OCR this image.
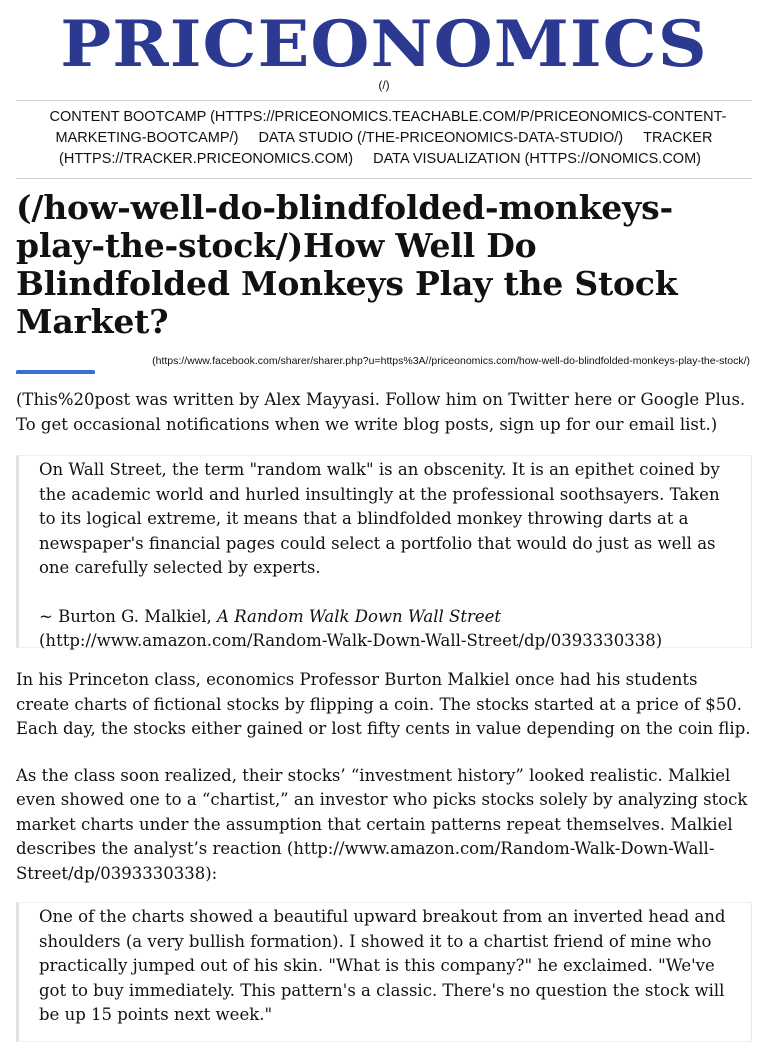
PRICEONOMICS
(/)
CONTENT BOOTCAMP (HTTPS://PRICEONOMICS.TEACHABLE.COM/P/PRICEONOMICS-CONTENT-MARKETING-BOOTCAMP/) DATA STUDIO (/THE-PRICEONOMICS-DATA-STUDIO/) TRACKER (HTTPS://TRACKER.PRICEONOMICS.COM) DATA VISUALIZATION (HTTPS://ONOMICS.COM)
(/how-well-do-blindfolded-monkeys-play-the-stock/)How Well Do Blindfolded Monkeys Play the Stock Market?
(https://www.facebook.com/sharer/sharer.php?u=https%3A//priceonomics.com/how-well-do-blindfolded-monkeys-play-the-stock/)

(This%20post was written by Alex Mayyasi. Follow him on Twitter here or Google Plus. To get occasional notifications when we write blog posts, sign up for our email list.)

On Wall Street, the term "random walk" is an obscenity. It is an epithet coined by the academic world and hurled insultingly at the professional soothsayers. Taken to its logical extreme, it means that a blindfolded monkey throwing darts at a newspaper's financial pages could select a portfolio that would do just as well as one carefully selected by experts.

~ Burton G. Malkiel, A Random Walk Down Wall Street (http://www.amazon.com/Random-Walk-Down-Wall-Street/dp/0393330338)

In his Princeton class, economics Professor Burton Malkiel once had his students create charts of fictional stocks by flipping a coin. The stocks started at a price of $50. Each day, the stocks either gained or lost fifty cents in value depending on the coin flip.

As the class soon realized, their stocks’ “investment history” looked realistic. Malkiel even showed one to a “chartist,” an investor who picks stocks solely by analyzing stock market charts under the assumption that certain patterns repeat themselves. Malkiel describes the analyst’s reaction (http://www.amazon.com/Random-Walk-Down-Wall-Street/dp/0393330338):

One of the charts showed a beautiful upward breakout from an inverted head and shoulders (a very bullish formation). I showed it to a chartist friend of mine who practically jumped out of his skin. "What is this company?" he exclaimed. "We've got to buy immediately. This pattern's a classic. There's no question the stock will be up 15 points next week."
